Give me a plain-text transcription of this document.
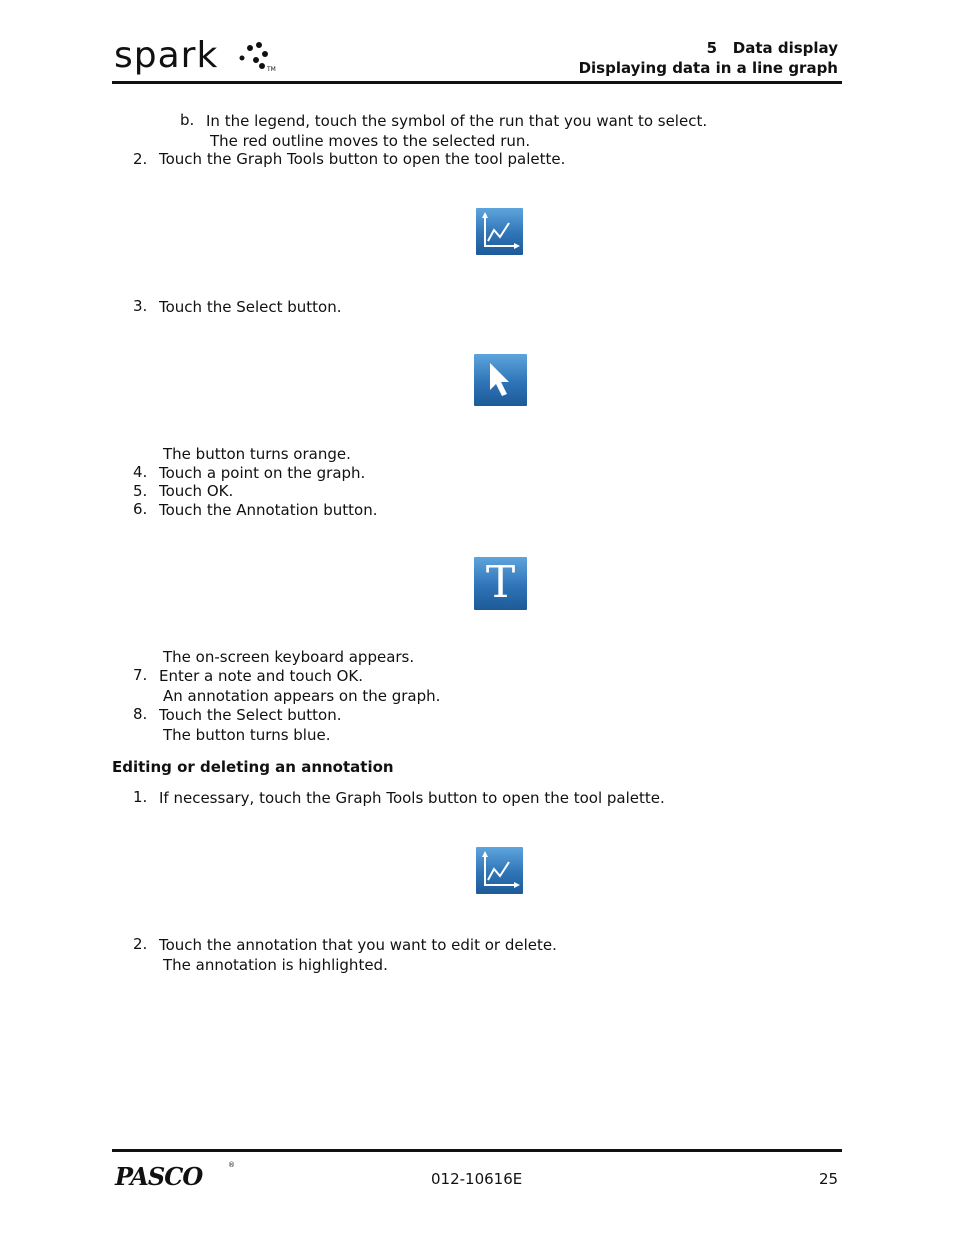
spark	TM
5   Data display
Displaying data in a line graph
b. In the legend, touch the symbol of the run that you want to select.
The red outline moves to the selected run.
2. Touch the Graph Tools button to open the tool palette.
3. Touch the Select button.
The button turns orange.
4. Touch a point on the graph.
5. Touch OK.
6. Touch the Annotation button.
T
The on-screen keyboard appears.
7. Enter a note and touch OK.
An annotation appears on the graph.
8. Touch the Select button.
The button turns blue.
Editing or deleting an annotation
1. If necessary, touch the Graph Tools button to open the tool palette.
2. Touch the annotation that you want to edit or delete.
The annotation is highlighted.
PASCO	®
012-10616E	25
